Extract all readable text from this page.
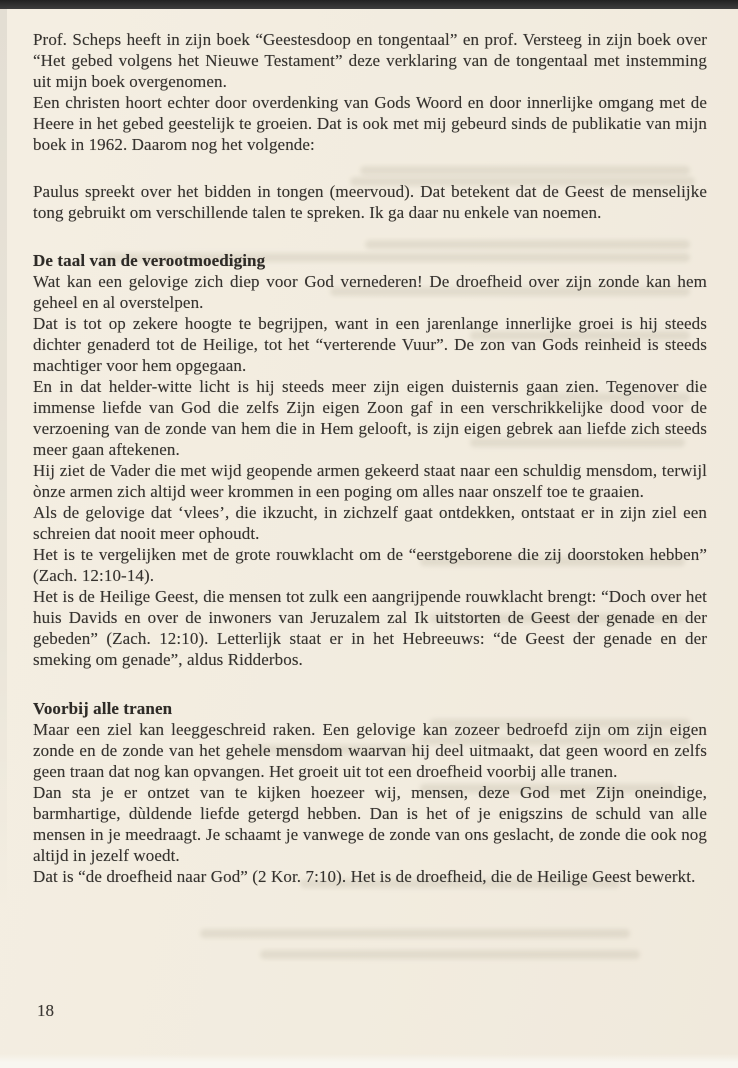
Prof. Scheps heeft in zijn boek “Geestesdoop en tongentaal” en prof. Versteeg in zijn boek over “Het gebed volgens het Nieuwe Testament” deze verklaring van de tongentaal met instemming uit mijn boek overgenomen.

Een christen hoort echter door overdenking van Gods Woord en door innerlijke omgang met de Heere in het gebed geestelijk te groeien. Dat is ook met mij gebeurd sinds de publikatie van mijn boek in 1962. Daarom nog het volgende:

Paulus spreekt over het bidden in tongen (meervoud). Dat betekent dat de Geest de menselijke tong gebruikt om verschillende talen te spreken. Ik ga daar nu enkele van noemen.

De taal van de verootmoediging

Wat kan een gelovige zich diep voor God vernederen! De droefheid over zijn zonde kan hem geheel en al overstelpen.

Dat is tot op zekere hoogte te begrijpen, want in een jarenlange innerlijke groei is hij steeds dichter genaderd tot de Heilige, tot het “verterende Vuur”. De zon van Gods reinheid is steeds machtiger voor hem opgegaan.

En in dat helder-witte licht is hij steeds meer zijn eigen duisternis gaan zien. Tegenover die immense liefde van God die zelfs Zijn eigen Zoon gaf in een verschrikkelijke dood voor de verzoening van de zonde van hem die in Hem gelooft, is zijn eigen gebrek aan liefde zich steeds meer gaan aftekenen.

Hij ziet de Vader die met wijd geopende armen gekeerd staat naar een schuldig mensdom, terwijl ònze armen zich altijd weer krommen in een poging om alles naar onszelf toe te graaien.

Als de gelovige dat ‘vlees’, die ikzucht, in zichzelf gaat ontdekken, ontstaat er in zijn ziel een schreien dat nooit meer ophoudt.

Het is te vergelijken met de grote rouwklacht om de “eerstgeborene die zij doorstoken hebben” (Zach. 12:10-14).

Het is de Heilige Geest, die mensen tot zulk een aangrijpende rouwklacht brengt: “Doch over het huis Davids en over de inwoners van Jeruzalem zal Ik uitstorten de Geest der genade en der gebeden” (Zach. 12:10). Letterlijk staat er in het Hebreeuws: “de Geest der genade en der smeking om genade”, aldus Ridderbos.

Voorbij alle tranen

Maar een ziel kan leeggeschreid raken. Een gelovige kan zozeer bedroefd zijn om zijn eigen zonde en de zonde van het gehele mensdom waarvan hij deel uitmaakt, dat geen woord en zelfs geen traan dat nog kan opvangen. Het groeit uit tot een droefheid voorbij alle tranen.

Dan sta je er ontzet van te kijken hoezeer wij, mensen, deze God met Zijn oneindige, barmhartige, dùldende liefde getergd hebben. Dan is het of je enigszins de schuld van alle mensen in je meedraagt. Je schaamt je vanwege de zonde van ons geslacht, de zonde die ook nog altijd in jezelf woedt.

Dat is “de droefheid naar God” (2 Kor. 7:10). Het is de droefheid, die de Heilige Geest bewerkt.

18
